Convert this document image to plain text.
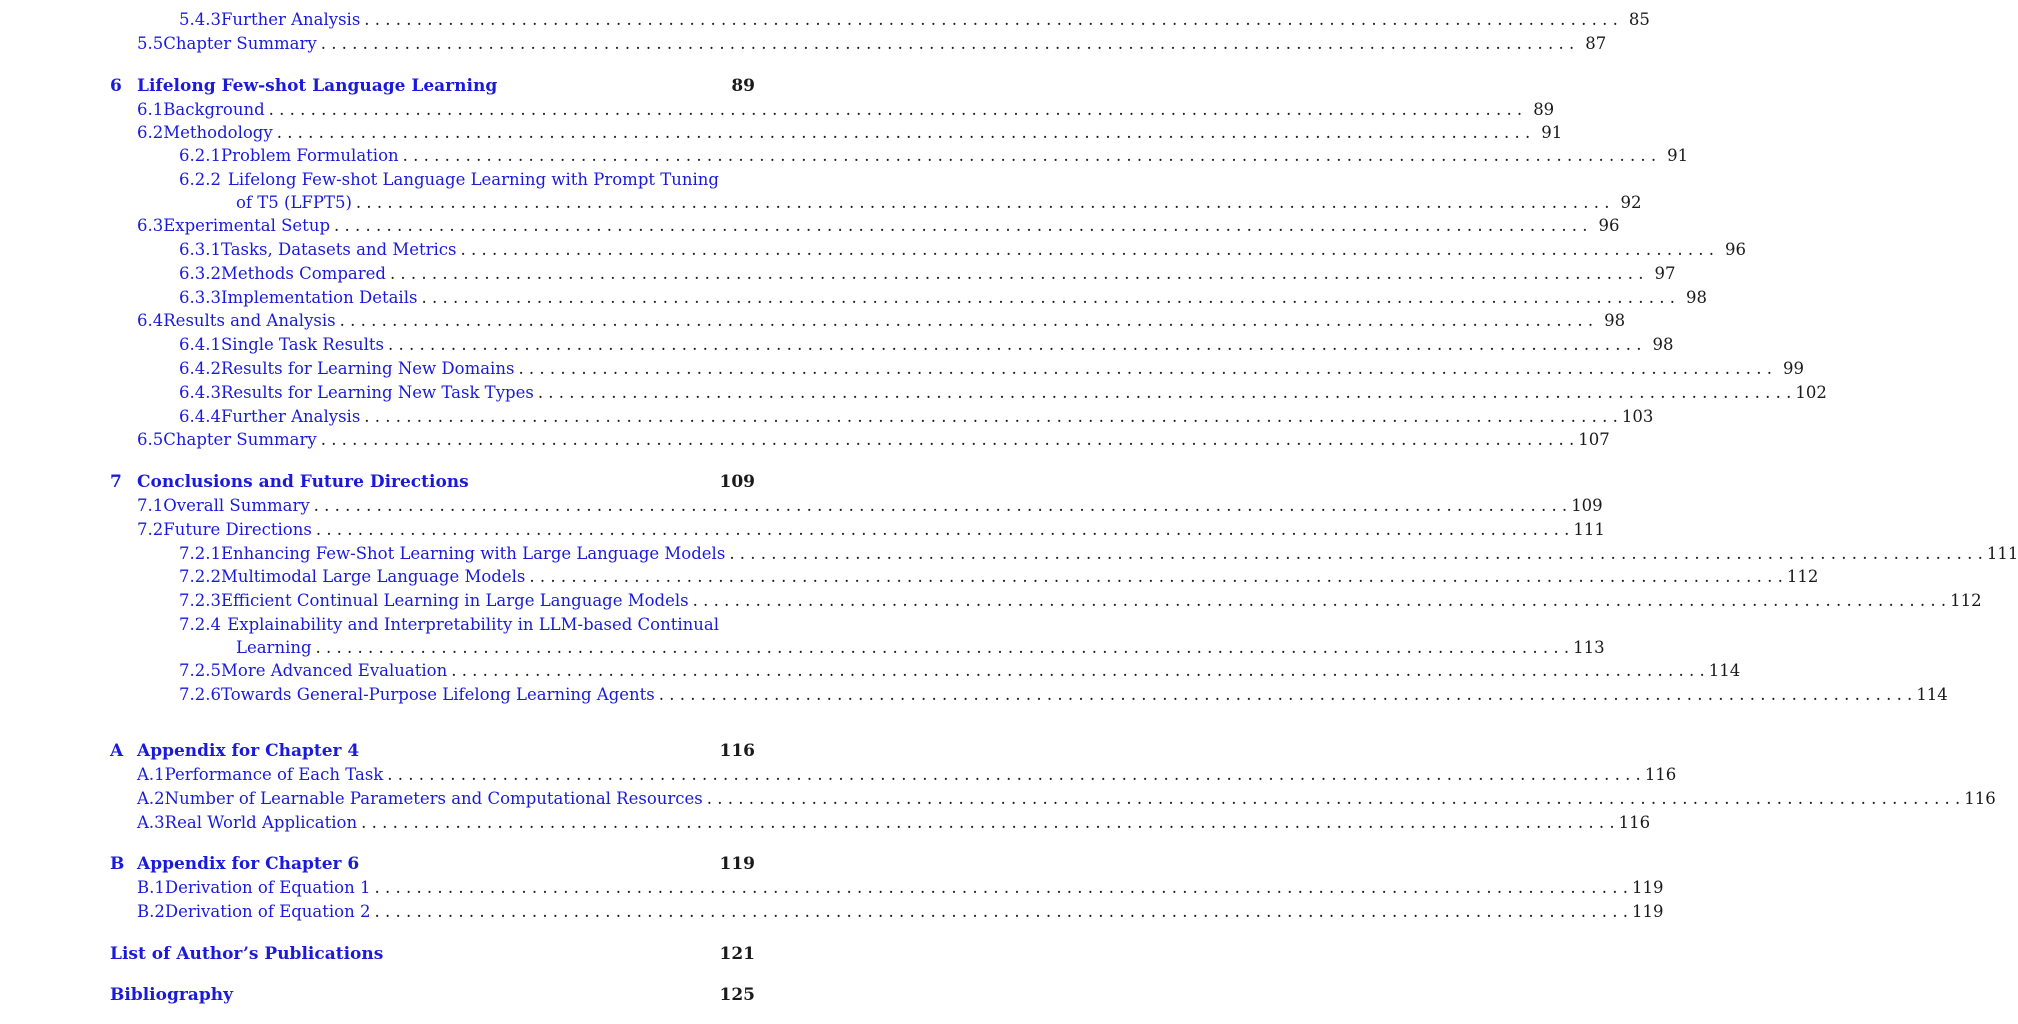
5.4.3 Further Analysis . . . . . . . . . . . . . . . . . . . . . . . . . . . . . . . . . . . . . . . . . . . . . . . . . . . . . . . . . . . . . . . . . . . . . . . . . . . . . . . . . . . . . . . . . . . . . . . . . . . . . . . . . . . . . . . . . . . . . . . . 85
5.5 Chapter Summary . . . . . . . . . . . . . . . . . . . . . . . . . . . . . . . . . . . . . . . . . . . . . . . . . . . . . . . . . . . . . . . . . . . . . . . . . . . . . . . . . . . . . . . . . . . . . . . . . . . . . . . . . . . . . . . . . . . . . . . . 87
6 Lifelong Few-shot Language Learning	89
6.1 Background . . . . . . . . . . . . . . . . . . . . . . . . . . . . . . . . . . . . . . . . . . . . . . . . . . . . . . . . . . . . . . . . . . . . . . . . . . . . . . . . . . . . . . . . . . . . . . . . . . . . . . . . . . . . . . . . . . . . . . . . 89
6.2 Methodology . . . . . . . . . . . . . . . . . . . . . . . . . . . . . . . . . . . . . . . . . . . . . . . . . . . . . . . . . . . . . . . . . . . . . . . . . . . . . . . . . . . . . . . . . . . . . . . . . . . . . . . . . . . . . . . . . . . . . . . . 91
6.2.1 Problem Formulation . . . . . . . . . . . . . . . . . . . . . . . . . . . . . . . . . . . . . . . . . . . . . . . . . . . . . . . . . . . . . . . . . . . . . . . . . . . . . . . . . . . . . . . . . . . . . . . . . . . . . . . . . . . . . . . . . . . . . . . . 91
6.2.2 Lifelong Few-shot Language Learning with Prompt Tuning
of T5 (LFPT5) . . . . . . . . . . . . . . . . . . . . . . . . . . . . . . . . . . . . . . . . . . . . . . . . . . . . . . . . . . . . . . . . . . . . . . . . . . . . . . . . . . . . . . . . . . . . . . . . . . . . . . . . . . . . . . . . . . . . . . . . 92
6.3 Experimental Setup . . . . . . . . . . . . . . . . . . . . . . . . . . . . . . . . . . . . . . . . . . . . . . . . . . . . . . . . . . . . . . . . . . . . . . . . . . . . . . . . . . . . . . . . . . . . . . . . . . . . . . . . . . . . . . . . . . . . . . . . 96
6.3.1 Tasks, Datasets and Metrics . . . . . . . . . . . . . . . . . . . . . . . . . . . . . . . . . . . . . . . . . . . . . . . . . . . . . . . . . . . . . . . . . . . . . . . . . . . . . . . . . . . . . . . . . . . . . . . . . . . . . . . . . . . . . . . . . . . . . . . . 96
6.3.2 Methods Compared . . . . . . . . . . . . . . . . . . . . . . . . . . . . . . . . . . . . . . . . . . . . . . . . . . . . . . . . . . . . . . . . . . . . . . . . . . . . . . . . . . . . . . . . . . . . . . . . . . . . . . . . . . . . . . . . . . . . . . . . 97
6.3.3 Implementation Details . . . . . . . . . . . . . . . . . . . . . . . . . . . . . . . . . . . . . . . . . . . . . . . . . . . . . . . . . . . . . . . . . . . . . . . . . . . . . . . . . . . . . . . . . . . . . . . . . . . . . . . . . . . . . . . . . . . . . . . . 98
6.4 Results and Analysis . . . . . . . . . . . . . . . . . . . . . . . . . . . . . . . . . . . . . . . . . . . . . . . . . . . . . . . . . . . . . . . . . . . . . . . . . . . . . . . . . . . . . . . . . . . . . . . . . . . . . . . . . . . . . . . . . . . . . . . . 98
6.4.1 Single Task Results . . . . . . . . . . . . . . . . . . . . . . . . . . . . . . . . . . . . . . . . . . . . . . . . . . . . . . . . . . . . . . . . . . . . . . . . . . . . . . . . . . . . . . . . . . . . . . . . . . . . . . . . . . . . . . . . . . . . . . . . 98
6.4.2 Results for Learning New Domains . . . . . . . . . . . . . . . . . . . . . . . . . . . . . . . . . . . . . . . . . . . . . . . . . . . . . . . . . . . . . . . . . . . . . . . . . . . . . . . . . . . . . . . . . . . . . . . . . . . . . . . . . . . . . . . . . . . . . . . . 99
6.4.3 Results for Learning New Task Types . . . . . . . . . . . . . . . . . . . . . . . . . . . . . . . . . . . . . . . . . . . . . . . . . . . . . . . . . . . . . . . . . . . . . . . . . . . . . . . . . . . . . . . . . . . . . . . . . . . . . . . . . . . . . . . . . . . . . . . . 102
6.4.4 Further Analysis . . . . . . . . . . . . . . . . . . . . . . . . . . . . . . . . . . . . . . . . . . . . . . . . . . . . . . . . . . . . . . . . . . . . . . . . . . . . . . . . . . . . . . . . . . . . . . . . . . . . . . . . . . . . . . . . . . . . . . . . 103
6.5 Chapter Summary . . . . . . . . . . . . . . . . . . . . . . . . . . . . . . . . . . . . . . . . . . . . . . . . . . . . . . . . . . . . . . . . . . . . . . . . . . . . . . . . . . . . . . . . . . . . . . . . . . . . . . . . . . . . . . . . . . . . . . . . 107
7 Conclusions and Future Directions	109
7.1 Overall Summary . . . . . . . . . . . . . . . . . . . . . . . . . . . . . . . . . . . . . . . . . . . . . . . . . . . . . . . . . . . . . . . . . . . . . . . . . . . . . . . . . . . . . . . . . . . . . . . . . . . . . . . . . . . . . . . . . . . . . . . . 109
7.2 Future Directions . . . . . . . . . . . . . . . . . . . . . . . . . . . . . . . . . . . . . . . . . . . . . . . . . . . . . . . . . . . . . . . . . . . . . . . . . . . . . . . . . . . . . . . . . . . . . . . . . . . . . . . . . . . . . . . . . . . . . . . . 111
7.2.1 Enhancing Few-Shot Learning with Large Language Models . . . . . . . . . . . . . . . . . . . . . . . . . . . . . . . . . . . . . . . . . . . . . . . . . . . . . . . . . . . . . . . . . . . . . . . . . . . . . . . . . . . . . . . . . . . . . . . . . . . . . . . . . . . . . . . . . . . . . . . . 111
7.2.2 Multimodal Large Language Models . . . . . . . . . . . . . . . . . . . . . . . . . . . . . . . . . . . . . . . . . . . . . . . . . . . . . . . . . . . . . . . . . . . . . . . . . . . . . . . . . . . . . . . . . . . . . . . . . . . . . . . . . . . . . . . . . . . . . . . . 112
7.2.3 Efficient Continual Learning in Large Language Models . . . . . . . . . . . . . . . . . . . . . . . . . . . . . . . . . . . . . . . . . . . . . . . . . . . . . . . . . . . . . . . . . . . . . . . . . . . . . . . . . . . . . . . . . . . . . . . . . . . . . . . . . . . . . . . . . . . . . . . . 112
7.2.4 Explainability and Interpretability in LLM-based Continual
Learning . . . . . . . . . . . . . . . . . . . . . . . . . . . . . . . . . . . . . . . . . . . . . . . . . . . . . . . . . . . . . . . . . . . . . . . . . . . . . . . . . . . . . . . . . . . . . . . . . . . . . . . . . . . . . . . . . . . . . . . . 113
7.2.5 More Advanced Evaluation . . . . . . . . . . . . . . . . . . . . . . . . . . . . . . . . . . . . . . . . . . . . . . . . . . . . . . . . . . . . . . . . . . . . . . . . . . . . . . . . . . . . . . . . . . . . . . . . . . . . . . . . . . . . . . . . . . . . . . . . 114
7.2.6 Towards General-Purpose Lifelong Learning Agents . . . . . . . . . . . . . . . . . . . . . . . . . . . . . . . . . . . . . . . . . . . . . . . . . . . . . . . . . . . . . . . . . . . . . . . . . . . . . . . . . . . . . . . . . . . . . . . . . . . . . . . . . . . . . . . . . . . . . . . . 114
A Appendix for Chapter 4	116
A.1 Performance of Each Task . . . . . . . . . . . . . . . . . . . . . . . . . . . . . . . . . . . . . . . . . . . . . . . . . . . . . . . . . . . . . . . . . . . . . . . . . . . . . . . . . . . . . . . . . . . . . . . . . . . . . . . . . . . . . . . . . . . . . . . . 116
A.2 Number of Learnable Parameters and Computational Resources . . . . . . . . . . . . . . . . . . . . . . . . . . . . . . . . . . . . . . . . . . . . . . . . . . . . . . . . . . . . . . . . . . . . . . . . . . . . . . . . . . . . . . . . . . . . . . . . . . . . . . . . . . . . . . . . . . . . . . . . 116
A.3 Real World Application . . . . . . . . . . . . . . . . . . . . . . . . . . . . . . . . . . . . . . . . . . . . . . . . . . . . . . . . . . . . . . . . . . . . . . . . . . . . . . . . . . . . . . . . . . . . . . . . . . . . . . . . . . . . . . . . . . . . . . . . 116
B Appendix for Chapter 6	119
B.1 Derivation of Equation 1 . . . . . . . . . . . . . . . . . . . . . . . . . . . . . . . . . . . . . . . . . . . . . . . . . . . . . . . . . . . . . . . . . . . . . . . . . . . . . . . . . . . . . . . . . . . . . . . . . . . . . . . . . . . . . . . . . . . . . . . . 119
B.2 Derivation of Equation 2 . . . . . . . . . . . . . . . . . . . . . . . . . . . . . . . . . . . . . . . . . . . . . . . . . . . . . . . . . . . . . . . . . . . . . . . . . . . . . . . . . . . . . . . . . . . . . . . . . . . . . . . . . . . . . . . . . . . . . . . . 119
List of Author’s Publications	121
Bibliography	125
